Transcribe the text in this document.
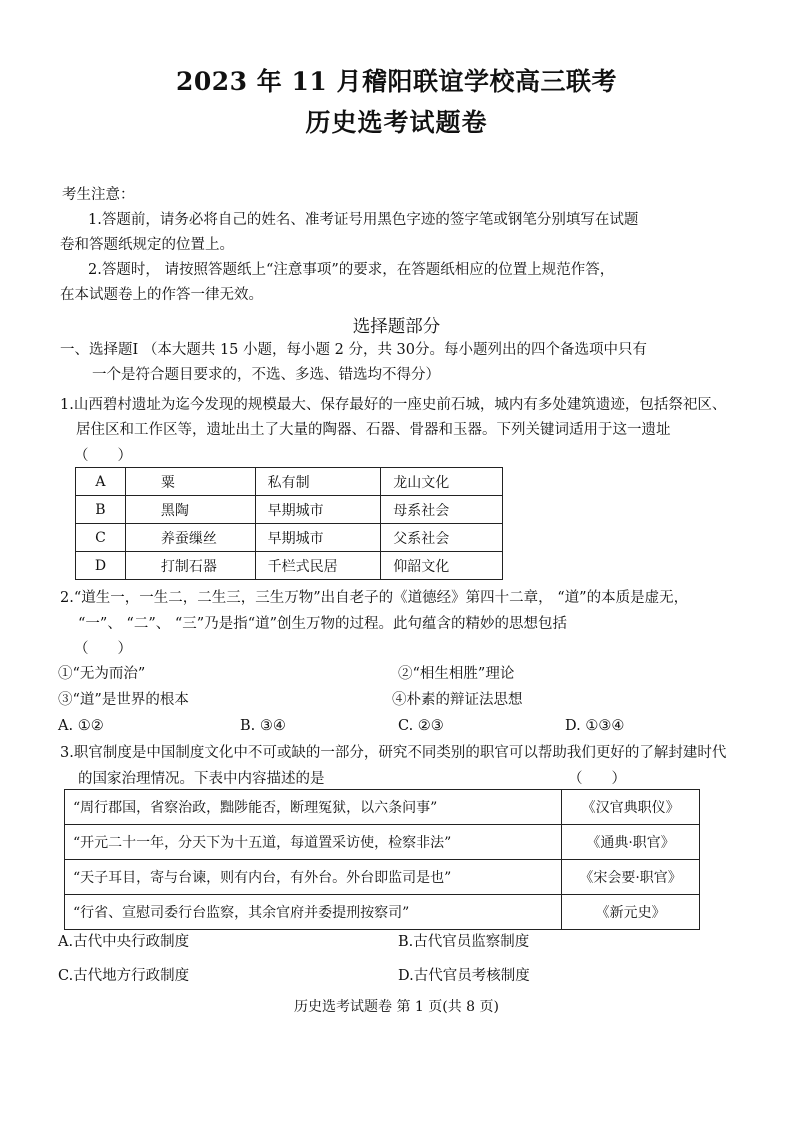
2023 年 11 月稽阳联谊学校高三联考
历史选考试题卷
考生注意：
1.答题前，请务必将自己的姓名、准考证号用黑色字迹的签字笔或钢笔分别填写在试题
卷和答题纸规定的位置上。
2.答题时， 请按照答题纸上“注意事项”的要求，在答题纸相应的位置上规范作答，
在本试题卷上的作答一律无效。
选择题部分
一、选择题Ⅰ （本大题共 15 小题，每小题 2 分，共 30分。每小题列出的四个备选项中只有
一个是符合题目要求的，不选、多选、错选均不得分）
1.山西碧村遗址为迄今发现的规模最大、保存最好的一座史前石城，城内有多处建筑遗迹，包括祭祀区、
居住区和工作区等，遗址出土了大量的陶器、石器、骨器和玉器。下列关键词适用于这一遗址
（　　）
A	粟	私有制	龙山文化
B	黑陶	早期城市	母系社会
C	养蚕缫丝	早期城市	父系社会
D	打制石器	千栏式民居	仰韶文化
2.“道生一，一生二，二生三，三生万物”出自老子的《道德经》第四十二章， “道”的本质是虚无，
“一”、 “二”、 “三”乃是指“道”创生万物的过程。此句蕴含的精妙的思想包括
（　　）
①“无为而治”	②“相生相胜”理论
③“道”是世界的根本	④朴素的辩证法思想
A. ①②	B. ③④	C. ②③	D. ①③④
3.职官制度是中国制度文化中不可或缺的一部分，研究不同类别的职官可以帮助我们更好的了解封建时代
的国家治理情况。下表中内容描述的是	（　　）
“周行郡国，省察治政，黜陟能否，断理冤狱，以六条问事”	《汉官典职仪》
“开元二十一年，分天下为十五道，每道置采访使，检察非法”	《通典·职官》
“天子耳目，寄与台谏，则有内台，有外台。外台即监司是也”	《宋会要·职官》
“行省、宣慰司委行台监察，其余官府并委提刑按察司”	《新元史》
A.古代中央行政制度	B.古代官员监察制度
C.古代地方行政制度	D.古代官员考核制度
历史选考试题卷 第 1 页(共 8 页)
